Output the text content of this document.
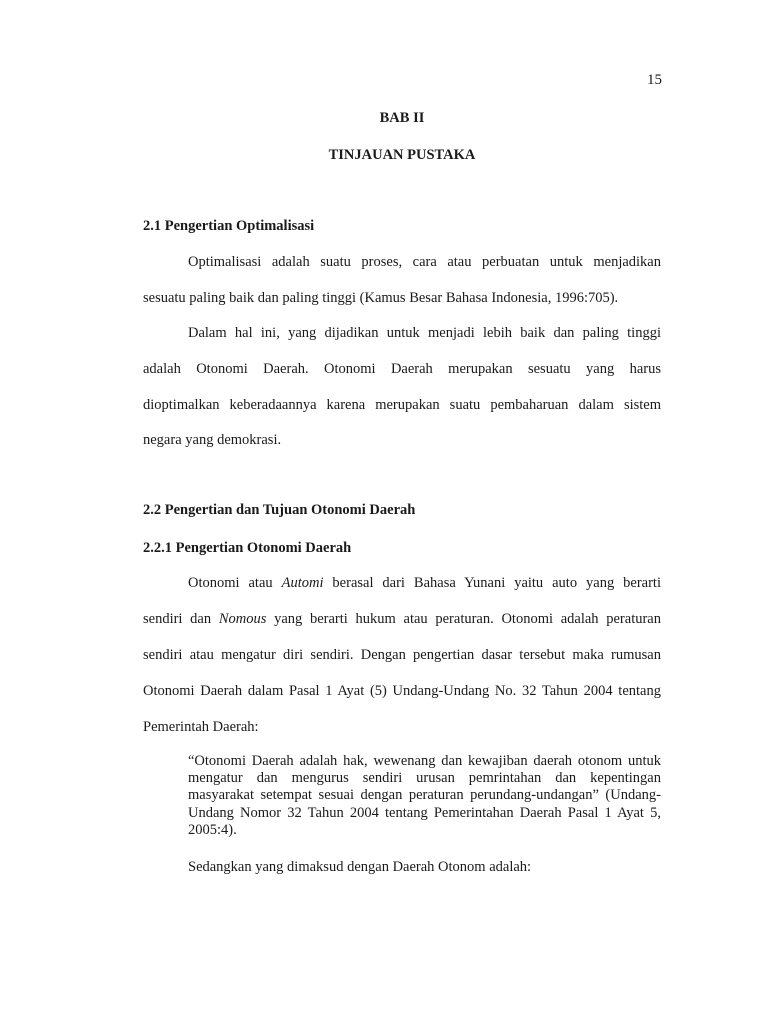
15
BAB II
TINJAUAN PUSTAKA
2.1 Pengertian Optimalisasi
Optimalisasi adalah suatu proses, cara atau perbuatan untuk menjadikan
sesuatu paling baik dan paling tinggi (Kamus Besar Bahasa Indonesia, 1996:705).
Dalam hal ini, yang dijadikan untuk menjadi lebih baik dan paling tinggi
adalah Otonomi Daerah. Otonomi Daerah merupakan sesuatu yang harus
dioptimalkan keberadaannya karena merupakan suatu pembaharuan dalam sistem
negara yang demokrasi.
2.2 Pengertian dan Tujuan Otonomi Daerah
2.2.1 Pengertian Otonomi Daerah
Otonomi atau Automi berasal dari Bahasa Yunani yaitu auto yang berarti
sendiri dan Nomous yang berarti hukum atau peraturan. Otonomi adalah peraturan
sendiri atau mengatur diri sendiri. Dengan pengertian dasar tersebut maka rumusan
Otonomi Daerah dalam Pasal 1 Ayat (5) Undang-Undang No. 32 Tahun 2004 tentang
Pemerintah Daerah:
“Otonomi Daerah adalah hak, wewenang dan kewajiban daerah otonom untuk
mengatur dan mengurus sendiri urusan pemrintahan dan kepentingan
masyarakat setempat sesuai dengan peraturan perundang-undangan” (Undang-
Undang Nomor 32 Tahun 2004 tentang Pemerintahan Daerah Pasal 1 Ayat 5,
2005:4).
Sedangkan yang dimaksud dengan Daerah Otonom adalah:
